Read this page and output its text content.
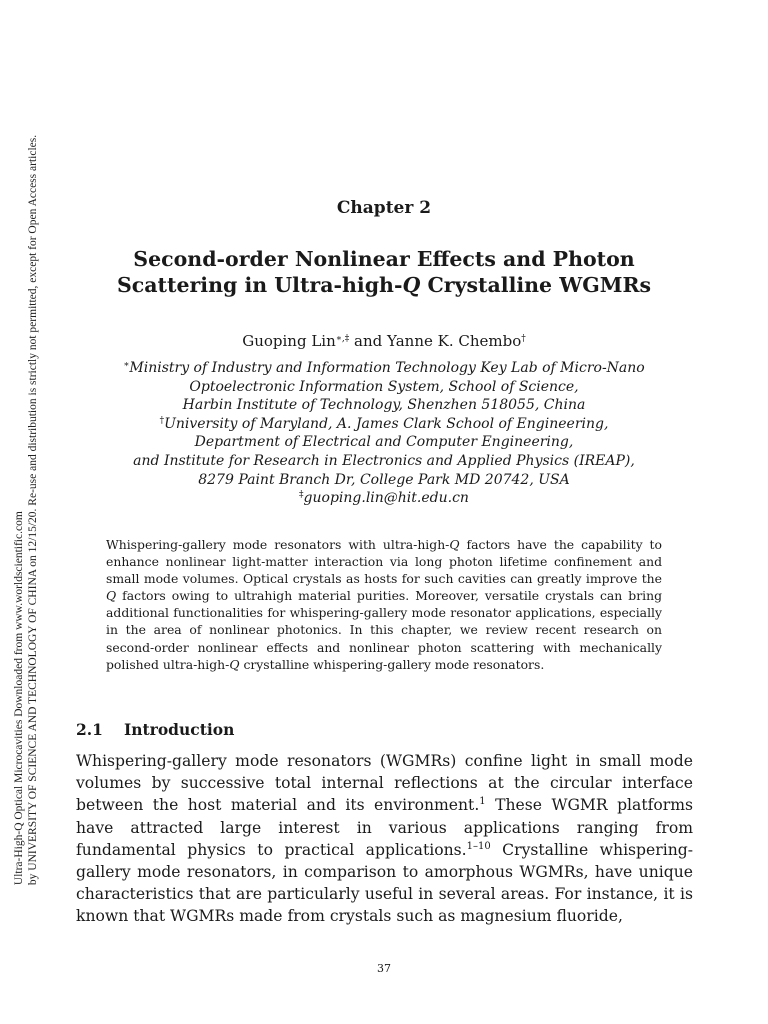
Ultra-High-Q Optical Microcavities Downloaded from www.worldscientific.com by UNIVERSITY OF SCIENCE AND TECHNOLOGY OF CHINA on 12/15/20. Re-use and distribution is strictly not permitted, except for Open Access articles.	Chapter 2
Second-order Nonlinear Effects and Photon
Scattering in Ultra-high-Q Crystalline WGMRs
Guoping Lin∗,‡ and Yanne K. Chembo†
∗Ministry of Industry and Information Technology Key Lab of Micro-Nano
Optoelectronic Information System, School of Science,
Harbin Institute of Technology, Shenzhen 518055, China
†University of Maryland, A. James Clark School of Engineering,
Department of Electrical and Computer Engineering,
and Institute for Research in Electronics and Applied Physics (IREAP),
8279 Paint Branch Dr, College Park MD 20742, USA
‡guoping.lin@hit.edu.cn
Whispering-gallery mode resonators with ultra-high-Q factors have the capability to enhance nonlinear light-matter interaction via long photon lifetime confinement and small mode volumes. Optical crystals as hosts for such cavities can greatly improve the Q factors owing to ultrahigh material purities. Moreover, versatile crystals can bring additional functionalities for whispering-gallery mode resonator applications, especially in the area of nonlinear photonics. In this chapter, we review recent research on second-order nonlinear effects and nonlinear photon scattering with mechanically polished ultra-high-Q crystalline whispering-gallery mode resonators.
2.1 Introduction
Whispering-gallery mode resonators (WGMRs) confine light in small mode volumes by successive total internal reflections at the circular interface between the host material and its environment.$^1$ These WGMR platforms have attracted large interest in various applications ranging from fundamental physics to practical applications.$^{1-10}$ Crystalline whispering-gallery mode resonators, in comparison to amorphous WGMRs, have unique characteristics that are particularly useful in several areas. For instance, it is known that WGMRs made from crystals such as magnesium fluoride,
37
